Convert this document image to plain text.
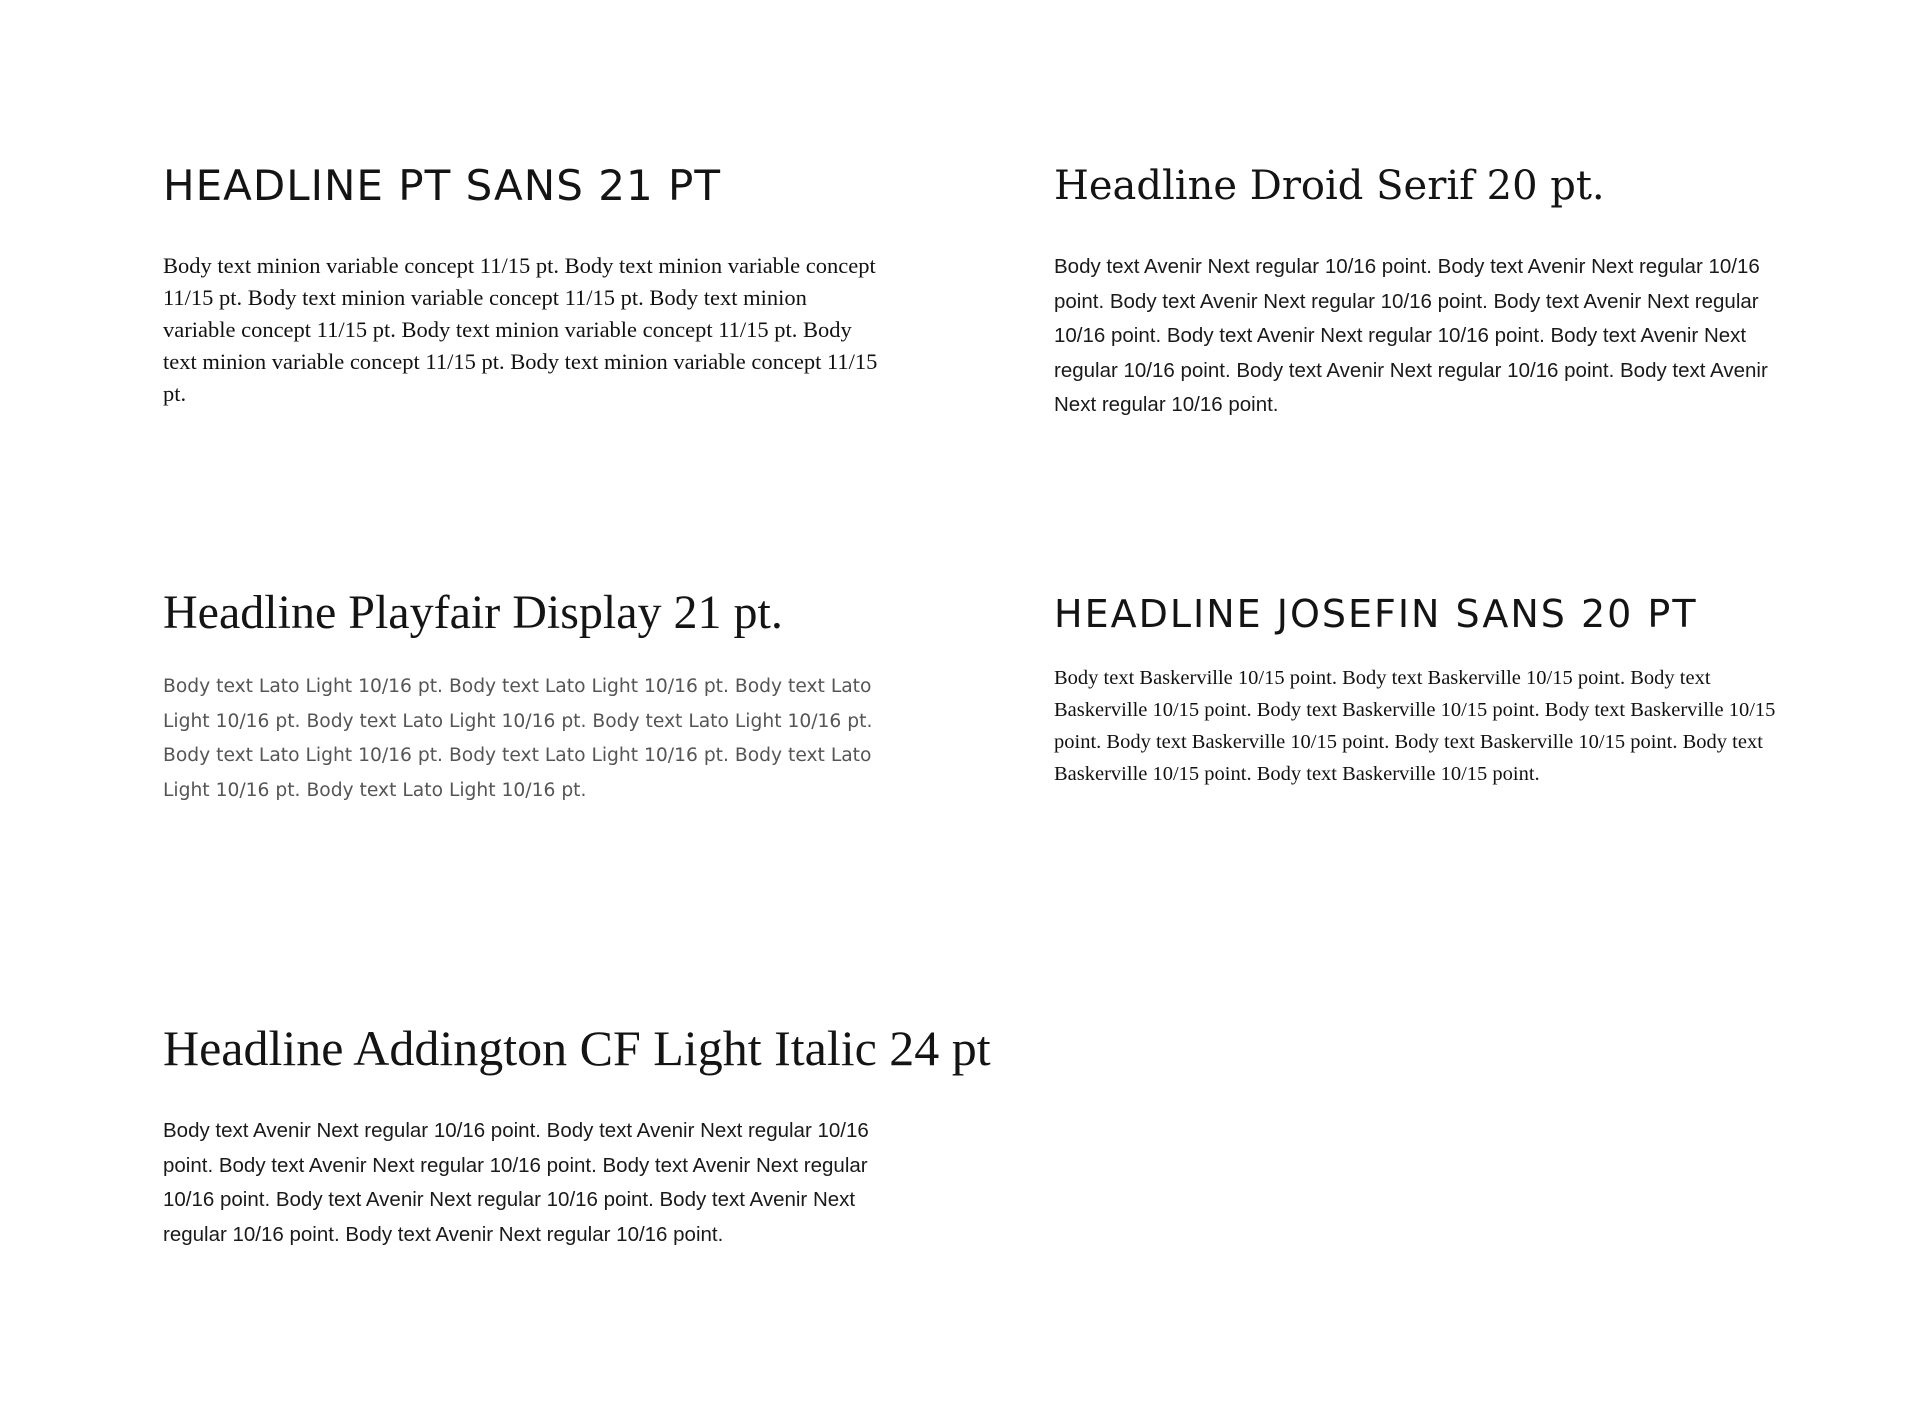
HEADLINE PT SANS 21 PT

Body text minion variable concept 11/15 pt. Body text minion variable concept 11/15 pt. Body text minion variable concept 11/15 pt. Body text minion variable concept 11/15 pt. Body text minion variable concept 11/15 pt. Body text minion variable concept 11/15 pt. Body text minion variable concept 11/15 pt.

Headline Droid Serif 20 pt.

Body text Avenir Next regular 10/16 point. Body text Avenir Next regular 10/16 point. Body text Avenir Next regular 10/16 point. Body text Avenir Next regular 10/16 point. Body text Avenir Next regular 10/16 point. Body text Avenir Next regular 10/16 point. Body text Avenir Next regular 10/16 point. Body text Avenir Next regular 10/16 point.

Headline Playfair Display 21 pt.

Body text Lato Light 10/16 pt. Body text Lato Light 10/16 pt. Body text Lato Light 10/16 pt. Body text Lato Light 10/16 pt. Body text Lato Light 10/16 pt. Body text Lato Light 10/16 pt. Body text Lato Light 10/16 pt. Body text Lato Light 10/16 pt. Body text Lato Light 10/16 pt.

HEADLINE JOSEFIN SANS 20 PT

Body text Baskerville 10/15 point. Body text Baskerville 10/15 point. Body text Baskerville 10/15 point. Body text Baskerville 10/15 point. Body text Baskerville 10/15 point. Body text Baskerville 10/15 point. Body text Baskerville 10/15 point. Body text Baskerville 10/15 point. Body text Baskerville 10/15 point.

Headline Addington CF Light Italic 24 pt

Body text Avenir Next regular 10/16 point. Body text Avenir Next regular 10/16 point. Body text Avenir Next regular 10/16 point. Body text Avenir Next regular 10/16 point. Body text Avenir Next regular 10/16 point. Body text Avenir Next regular 10/16 point. Body text Avenir Next regular 10/16 point.
